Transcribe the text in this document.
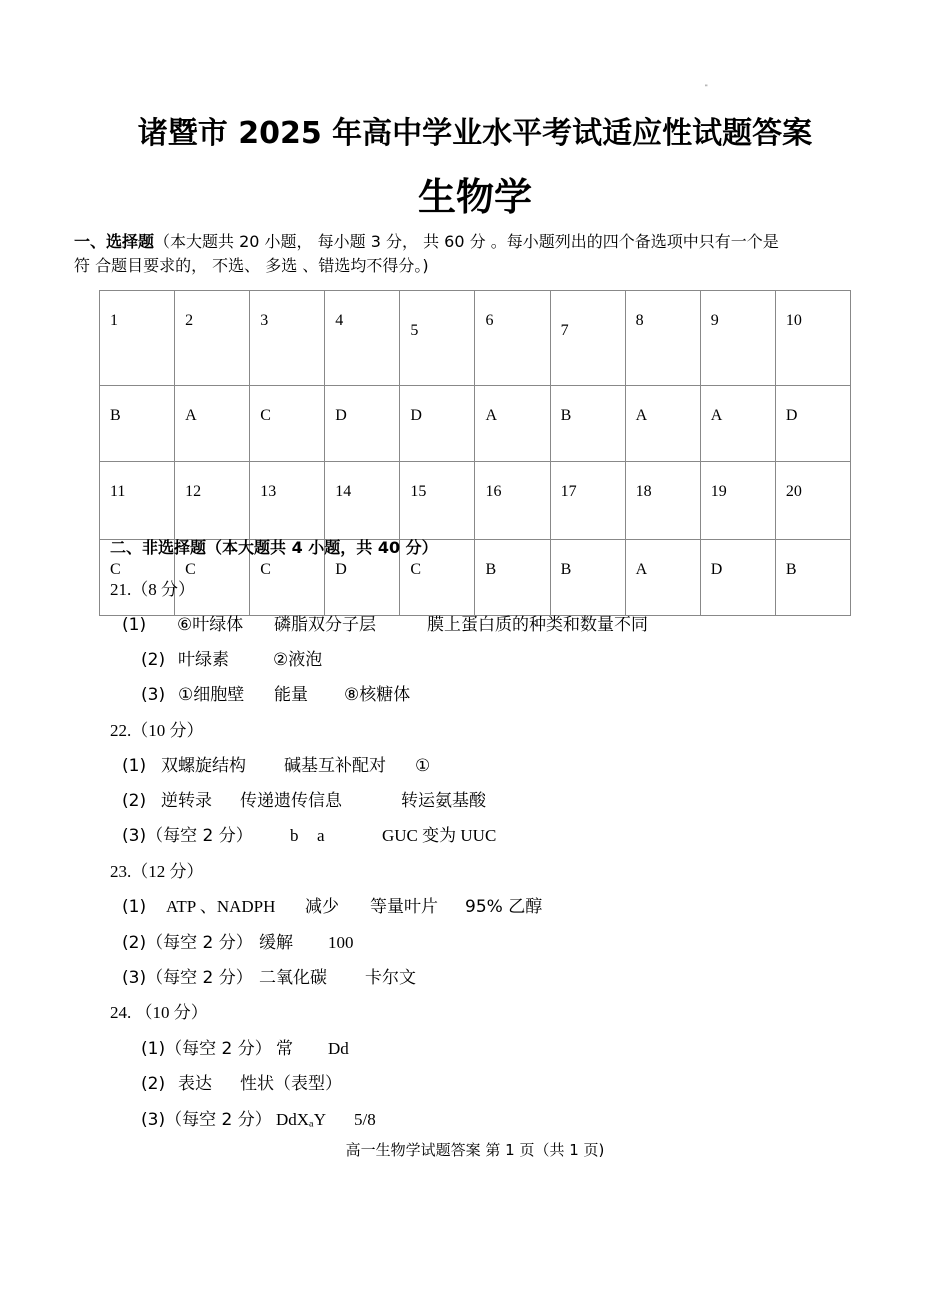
"
诸暨市 2025 年高中学业水平考试适应性试题答案
生物学
一、选择题（本大题共 20 小题， 每小题 3 分， 共 60 分 。每小题列出的四个备选项中只有一个是
符 合题目要求的， 不选、 多选 、错选均不得分。)
1	2	3	4	5	6	7	8	9	10
B	A	C	D	D	A	B	A	A	D
11	12	13	14	15	16	17	18	19	20
C	C	C	D	C	B	B	A	D	B
二、非选择题（本大题共 4 小题，共 40 分）
21.（8 分）
(1) ⑥叶绿体 磷脂双分子层	膜上蛋白质的种类和数量不同
(2) 叶绿素	②液泡
(3) ①细胞壁 能量 ⑧核糖体
22.（10 分）
(1) 双螺旋结构 碱基互补配对 ①
(2) 逆转录 传递遗传信息	转运氨基酸
(3)（每空 2 分） b a	GUC 变为 UUC
23.（12 分）
(1) ATP 、NADPH 减少 等量叶片 95% 乙醇
(2)（每空 2 分） 缓解 100
(3)（每空 2 分） 二氧化碳 卡尔文
24. （10 分）
(1)（每空 2 分） 常 Dd
(2) 表达 性状（表型）
(3)（每空 2 分） DdXₐY 5/8
高一生物学试题答案 第 1 页（共 1 页)
